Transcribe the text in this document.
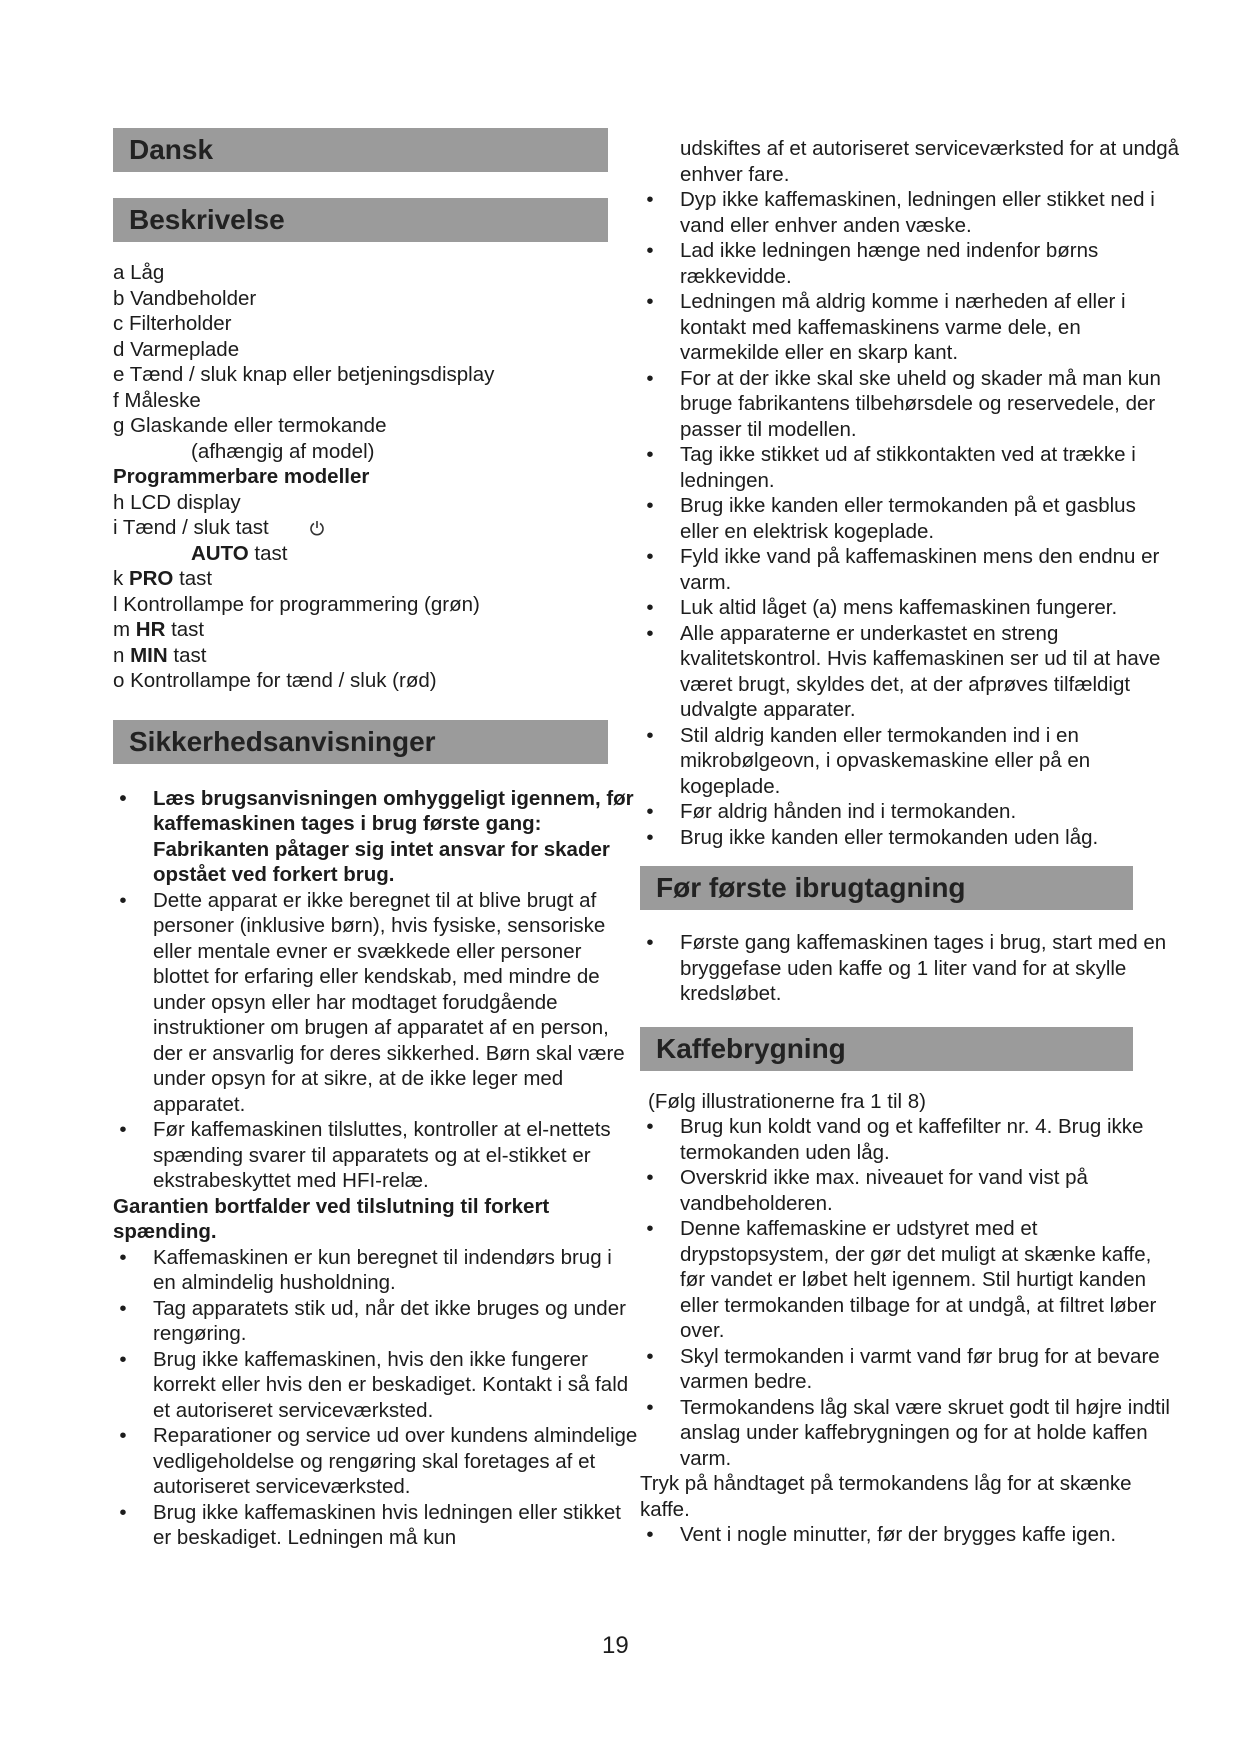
Dansk
Beskrivelse

a Låg

b Vandbeholder

c Filterholder

d Varmeplade

e Tænd / sluk knap eller betjeningsdisplay

f Måleske

g Glaskande eller termokande

(afhængig af model)

Programmerbare modeller

h LCD display

i Tænd / sluk tast

AUTO tast

k PRO tast

l Kontrollampe for programmering (grøn)

m HR tast

n MIN tast

o Kontrollampe for tænd / sluk (rød)

Sikkerhedsanvisninger

•	Læs brugsanvisningen omhyggeligt igennem, før kaffemaskinen tages i brug første gang: Fabrikanten påtager sig intet ansvar for skader opstået ved forkert brug.

•	Dette apparat er ikke beregnet til at blive brugt af personer (inklusive børn), hvis fysiske, sensoriske eller mentale evner er svækkede eller personer blottet for erfaring eller kendskab, med mindre de under opsyn eller har modtaget forudgående instruktioner om brugen af apparatet af en person, der er ansvarlig for deres sikkerhed. Børn skal være under opsyn for at sikre, at de ikke leger med apparatet.

•	Før kaffemaskinen tilsluttes, kontroller at el-nettets spænding svarer til apparatets og at el-stikket er ekstrabeskyttet med HFI-relæ.

Garantien bortfalder ved tilslutning til forkert spænding.

•	Kaffemaskinen er kun beregnet til indendørs brug i en almindelig husholdning.

•	Tag apparatets stik ud, når det ikke bruges og under rengøring.

•	Brug ikke kaffemaskinen, hvis den ikke fungerer korrekt eller hvis den er beskadiget. Kontakt i så fald et autoriseret serviceværksted.

•	Reparationer og service ud over kundens almindelige vedligeholdelse og rengøring skal foretages af et autoriseret serviceværksted.

•	Brug ikke kaffemaskinen hvis ledningen eller stikket er beskadiget. Ledningen må kun

udskiftes af et autoriseret serviceværksted for at undgå enhver fare.

•	Dyp ikke kaffemaskinen, ledningen eller stikket ned i vand eller enhver anden væske.

•	Lad ikke ledningen hænge ned indenfor børns rækkevidde.

•	Ledningen må aldrig komme i nærheden af eller i kontakt med kaffemaskinens varme dele, en varmekilde eller en skarp kant.

•	For at der ikke skal ske uheld og skader må man kun bruge fabrikantens tilbehørsdele og reservedele, der passer til modellen.

•	Tag ikke stikket ud af stikkontakten ved at trække i ledningen.

•	Brug ikke kanden eller termokanden på et gasblus eller en elektrisk kogeplade.

•	Fyld ikke vand på kaffemaskinen mens den endnu er varm.

•	Luk altid låget (a) mens kaffemaskinen fungerer.

•	Alle apparaterne er underkastet en streng kvalitetskontrol. Hvis kaffemaskinen ser ud til at have været brugt, skyldes det, at der afprøves tilfældigt udvalgte apparater.

•	Stil aldrig kanden eller termokanden ind i en mikrobølgeovn, i opvaskemaskine eller på en kogeplade.

•	Før aldrig hånden ind i termokanden.

•	Brug ikke kanden eller termokanden uden låg.

Før første ibrugtagning

•	Første gang kaffemaskinen tages i brug, start med en bryggefase uden kaffe og 1 liter vand for at skylle kredsløbet.

Kaffebrygning

(Følg illustrationerne fra 1 til 8)

•	Brug kun koldt vand og et kaffefilter nr. 4. Brug ikke termokanden uden låg.

•	Overskrid ikke max. niveauet for vand vist på vandbeholderen.

•	Denne kaffemaskine er udstyret med et drypstopsystem, der gør det muligt at skænke kaffe, før vandet er løbet helt igennem. Stil hurtigt kanden eller termokanden tilbage for at undgå, at filtret løber over.

•	Skyl termokanden i varmt vand før brug for at bevare varmen bedre.

•	Termokandens låg skal være skruet godt til højre indtil anslag under kaffebrygningen og for at holde kaffen varm.

Tryk på håndtaget på termokandens låg for at skænke kaffe.

•	Vent i nogle minutter, før der brygges kaffe igen.

19
